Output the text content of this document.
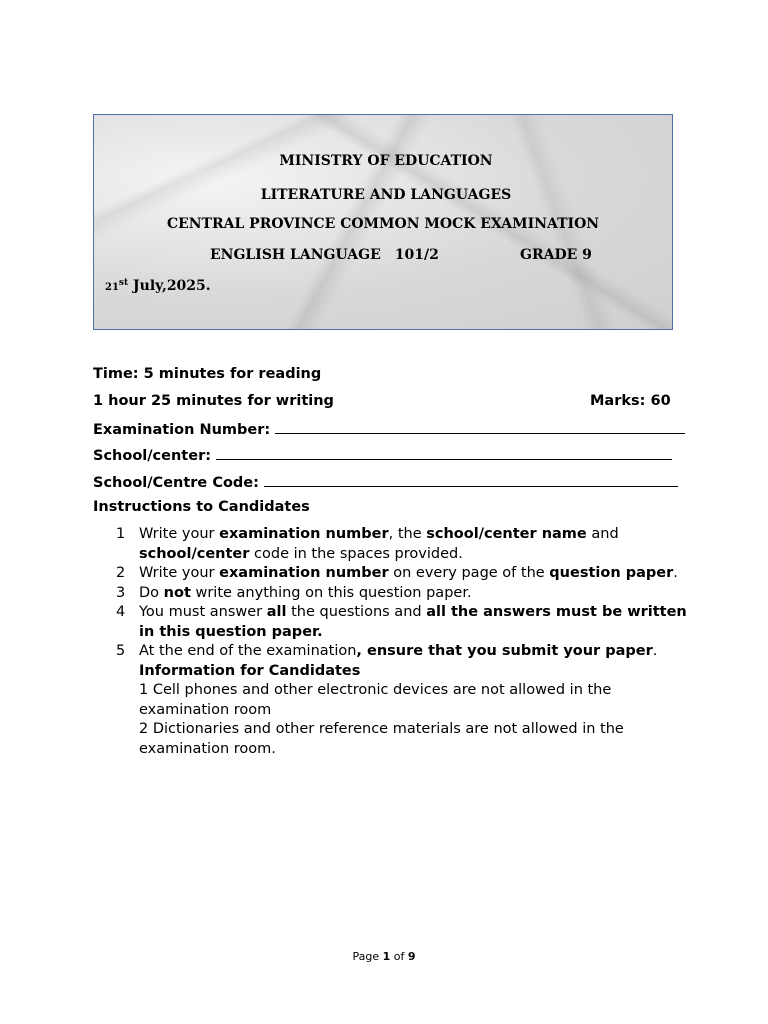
MINISTRY OF EDUCATION
LITERATURE AND LANGUAGES
CENTRAL PROVINCE COMMON MOCK EXAMINATION
ENGLISH LANGUAGE 101/2	GRADE 9
21st July,2025.
Time: 5 minutes for reading
1 hour 25 minutes for writing	Marks: 60
Examination Number:
School/center:
School/Centre Code:
Instructions to Candidates
1 Write your examination number, the school/center name and
school/center code in the spaces provided.
2 Write your examination number on every page of the question paper.
3 Do not write anything on this question paper.
4 You must answer all the questions and all the answers must be written
in this question paper.
5 At the end of the examination, ensure that you submit your paper.
Information for Candidates
1 Cell phones and other electronic devices are not allowed in the examination room
2 Dictionaries and other reference materials are not allowed in the examination room.
Page 1 of 9
